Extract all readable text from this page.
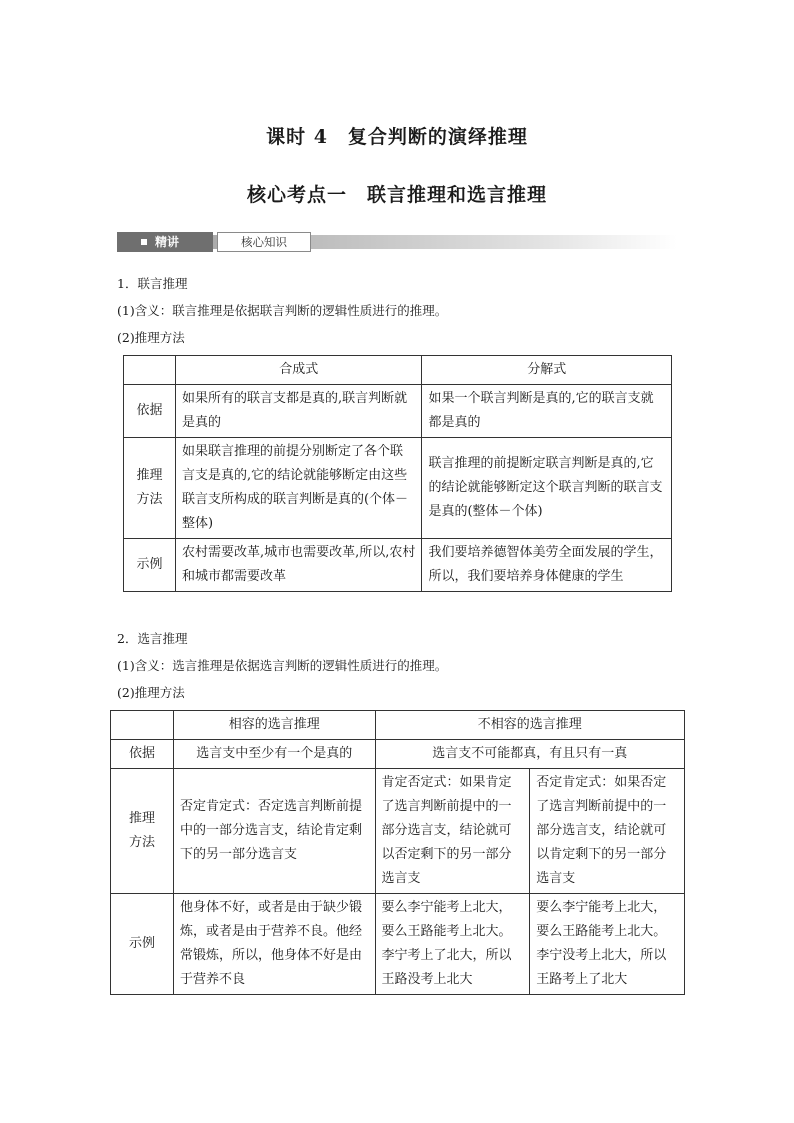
课时 4　复合判断的演绎推理
核心考点一　联言推理和选言推理
精讲	核心知识
1．联言推理
(1)含义：联言推理是依据联言判断的逻辑性质进行的推理。
(2)推理方法
	合成式	分解式
依据	如果所有的联言支都是真的,联言判断就是真的	如果一个联言判断是真的,它的联言支就都是真的
推理方法	如果联言推理的前提分别断定了各个联言支是真的,它的结论就能够断定由这些联言支所构成的联言判断是真的(个体－整体)	联言推理的前提断定联言判断是真的,它的结论就能够断定这个联言判断的联言支是真的(整体－个体)
示例	农村需要改革,城市也需要改革,所以,农村和城市都需要改革	我们要培养德智体美劳全面发展的学生，所以，我们要培养身体健康的学生
2．选言推理
(1)含义：选言推理是依据选言判断的逻辑性质进行的推理。
(2)推理方法
	相容的选言推理	不相容的选言推理	
依据	选言支中至少有一个是真的	选言支不可能都真，有且只有一真	
推理方法	否定肯定式：否定选言判断前提中的一部分选言支，结论肯定剩下的另一部分选言支	肯定否定式：如果肯定了选言判断前提中的一部分选言支，结论就可以否定剩下的另一部分选言支	否定肯定式：如果否定了选言判断前提中的一部分选言支，结论就可以肯定剩下的另一部分选言支
示例	他身体不好，或者是由于缺少锻炼，或者是由于营养不良。他经常锻炼，所以，他身体不好是由于营养不良	要么李宁能考上北大，要么王路能考上北大。李宁考上了北大，所以王路没考上北大	要么李宁能考上北大，要么王路能考上北大。李宁没考上北大，所以王路考上了北大
